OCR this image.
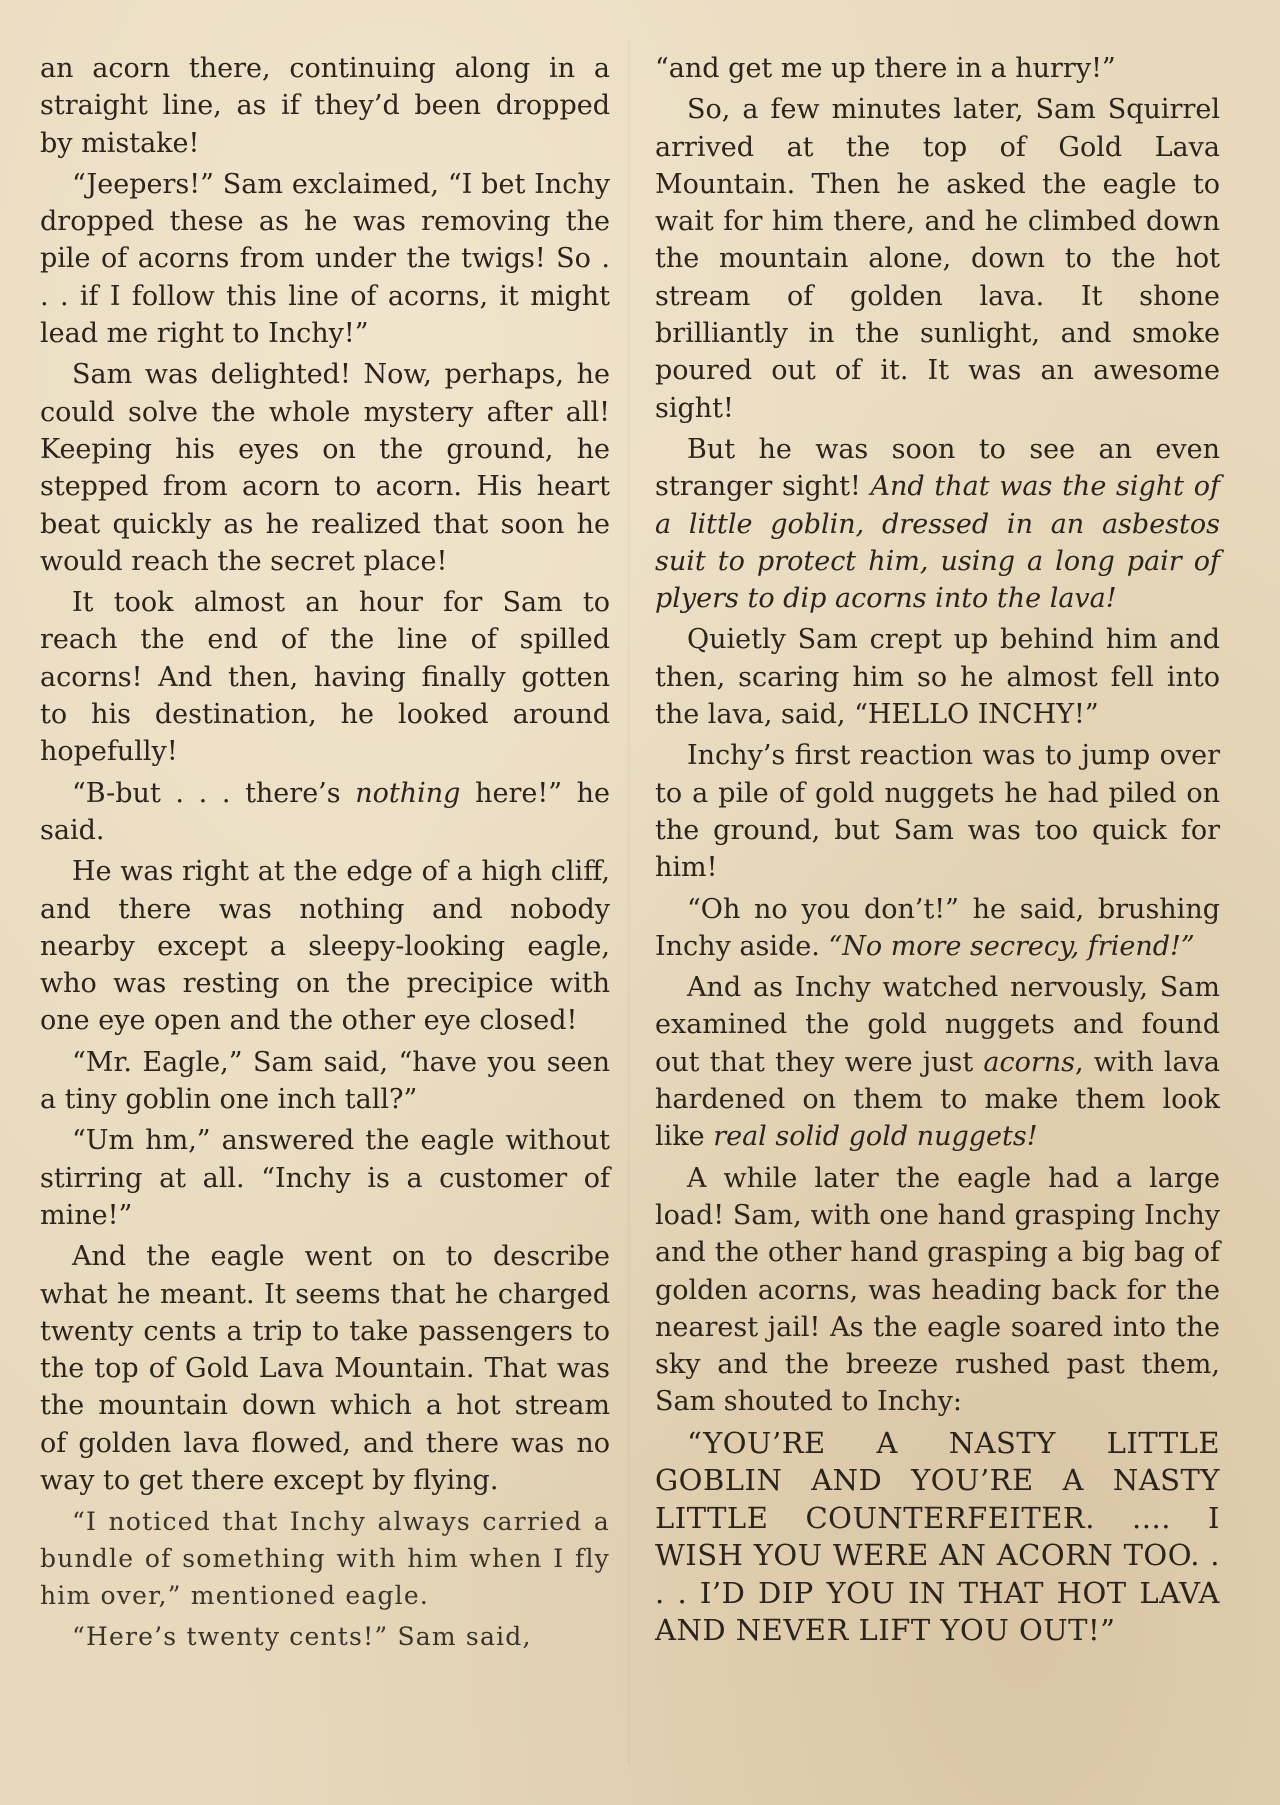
an acorn there, continuing along in a straight line, as if they’d been dropped by mistake!

“Jeepers!” Sam exclaimed, “I bet Inchy dropped these as he was removing the pile of acorns from under the twigs! So . . . if I follow this line of acorns, it might lead me right to Inchy!”

Sam was delighted! Now, perhaps, he could solve the whole mystery after all! Keeping his eyes on the ground, he stepped from acorn to acorn. His heart beat quickly as he realized that soon he would reach the secret place!

It took almost an hour for Sam to reach the end of the line of spilled acorns! And then, having finally gotten to his destination, he looked around hopefully!

“B-but . . . there’s nothing here!” he said.

He was right at the edge of a high cliff, and there was nothing and nobody nearby except a sleepy-looking eagle, who was resting on the precipice with one eye open and the other eye closed!

“Mr. Eagle,” Sam said, “have you seen a tiny goblin one inch tall?”

“Um hm,” answered the eagle without stirring at all. “Inchy is a customer of mine!”

And the eagle went on to describe what he meant. It seems that he charged twenty cents a trip to take passengers to the top of Gold Lava Mountain. That was the mountain down which a hot stream of golden lava flowed, and there was no way to get there except by flying.

“I noticed that Inchy always carried a bundle of something with him when I fly him over,” mentioned eagle.

“Here’s twenty cents!” Sam said,

“and get me up there in a hurry!”

So, a few minutes later, Sam Squirrel arrived at the top of Gold Lava Mountain. Then he asked the eagle to wait for him there, and he climbed down the mountain alone, down to the hot stream of golden lava. It shone brilliantly in the sunlight, and smoke poured out of it. It was an awesome sight!

But he was soon to see an even stranger sight! And that was the sight of a little goblin, dressed in an asbestos suit to protect him, using a long pair of plyers to dip acorns into the lava!

Quietly Sam crept up behind him and then, scaring him so he almost fell into the lava, said, “HELLO INCHY!”

Inchy’s first reaction was to jump over to a pile of gold nuggets he had piled on the ground, but Sam was too quick for him!

“Oh no you don’t!” he said, brushing Inchy aside. “No more secrecy, friend!”

And as Inchy watched nervously, Sam examined the gold nuggets and found out that they were just acorns, with lava hardened on them to make them look like real solid gold nuggets!

A while later the eagle had a large load! Sam, with one hand grasping Inchy and the other hand grasping a big bag of golden acorns, was heading back for the nearest jail! As the eagle soared into the sky and the breeze rushed past them, Sam shouted to Inchy:

“YOU’RE A NASTY LITTLE GOBLIN AND YOU’RE A NASTY LITTLE COUNTERFEITER. .... I WISH YOU WERE AN ACORN TOO. . . . I’D DIP YOU IN THAT HOT LAVA AND NEVER LIFT YOU OUT!”
